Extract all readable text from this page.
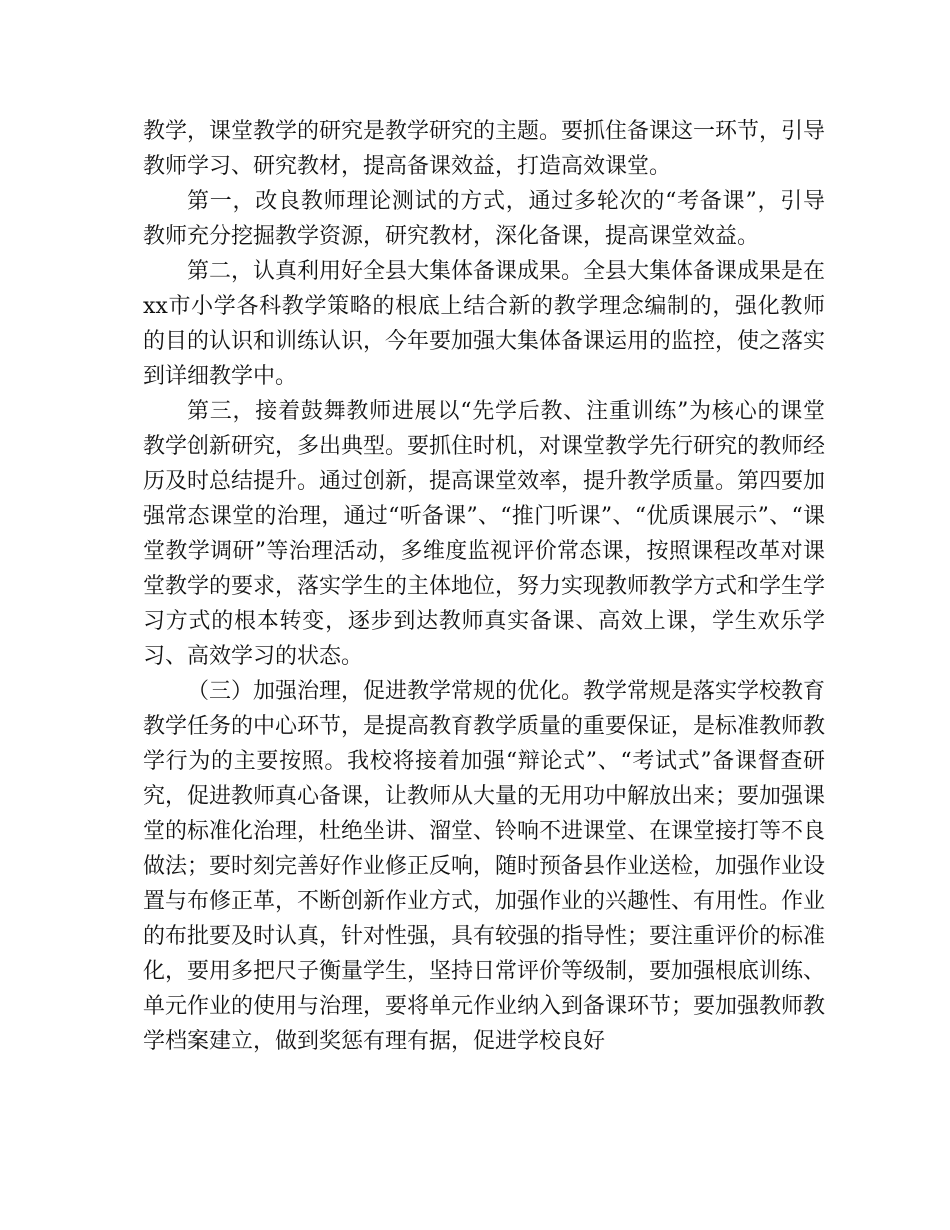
教学，课堂教学的研究是教学研究的主题。要抓住备课这一环节，引导教师学习、研究教材，提高备课效益，打造高效课堂。

第一，改良教师理论测试的方式，通过多轮次的“考备课”，引导教师充分挖掘教学资源，研究教材，深化备课，提高课堂效益。

第二，认真利用好全县大集体备课成果。全县大集体备课成果是在xx市小学各科教学策略的根底上结合新的教学理念编制的，强化教师的目的认识和训练认识，今年要加强大集体备课运用的监控，使之落实到详细教学中。

第三，接着鼓舞教师进展以“先学后教、注重训练”为核心的课堂教学创新研究，多出典型。要抓住时机，对课堂教学先行研究的教师经历及时总结提升。通过创新，提高课堂效率，提升教学质量。第四要加强常态课堂的治理，通过“听备课”、“推门听课”、“优质课展示”、“课堂教学调研”等治理活动，多维度监视评价常态课，按照课程改革对课堂教学的要求，落实学生的主体地位，努力实现教师教学方式和学生学习方式的根本转变，逐步到达教师真实备课、高效上课，学生欢乐学习、高效学习的状态。

（三）加强治理，促进教学常规的优化。教学常规是落实学校教育教学任务的中心环节，是提高教育教学质量的重要保证，是标准教师教学行为的主要按照。我校将接着加强“辩论式”、“考试式”备课督查研究，促进教师真心备课，让教师从大量的无用功中解放出来；要加强课堂的标准化治理，杜绝坐讲、溜堂、铃响不进课堂、在课堂接打等不良做法；要时刻完善好作业修正反响，随时预备县作业送检，加强作业设置与布修正革，不断创新作业方式，加强作业的兴趣性、有用性。作业的布批要及时认真，针对性强，具有较强的指导性；要注重评价的标准化，要用多把尺子衡量学生，坚持日常评价等级制，要加强根底训练、单元作业的使用与治理，要将单元作业纳入到备课环节；要加强教师教学档案建立，做到奖惩有理有据，促进学校良好
